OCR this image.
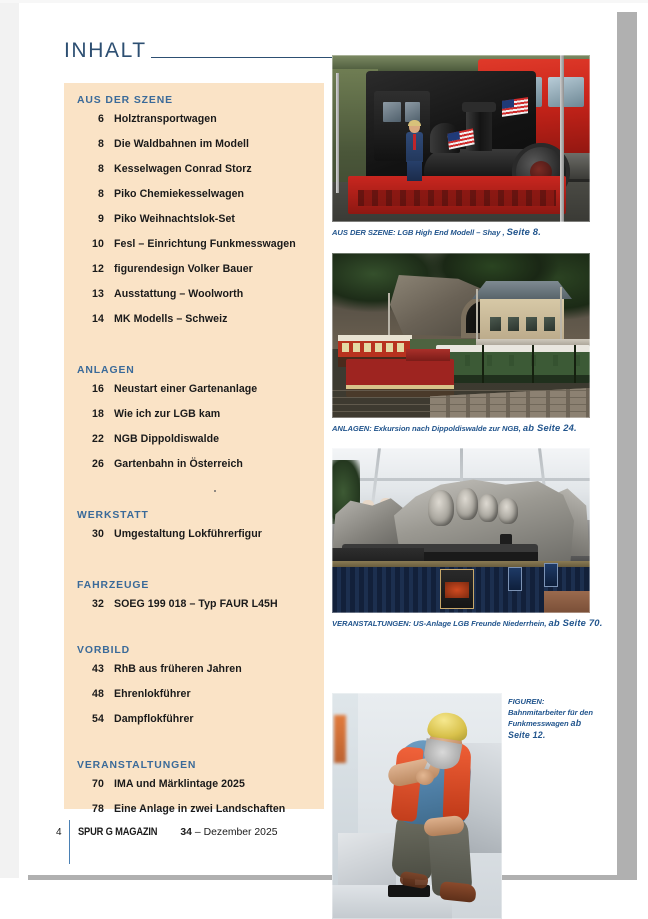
INHALT
AUS DER SZENE
6 Holztransportwagen
8 Die Waldbahnen im Modell
8 Kesselwagen Conrad Storz
8 Piko Chemiekesselwagen
9 Piko Weihnachtslok-Set
10 Fesl – Einrichtung Funkmesswagen
12 figurendesign Volker Bauer
13 Ausstattung – Woolworth
14 MK Modells – Schweiz
ANLAGEN
16 Neustart einer Gartenanlage
18 Wie ich zur LGB kam
22 NGB Dippoldiswalde
26 Gartenbahn in Österreich
WERKSTATT
30 Umgestaltung Lokführerfigur
FAHRZEUGE
32 SOEG 199 018 – Typ FAUR L45H
VORBILD
43 RhB aus früheren Jahren
48 Ehrenlokführer
54 Dampflokführer
VERANSTALTUNGEN
70 IMA und Märklintage 2025
78 Eine Anlage in zwei Landschaften
4	SPUR G MAGAZIN	34 – Dezember 2025
AUS DER SZENE: LGB High End Modell – Shay , Seite 8.
ANLAGEN: Exkursion nach Dippoldiswalde zur NGB, ab Seite 24.
VERANSTALTUNGEN: US-Anlage LGB Freunde Niederrhein, ab Seite 70.
FIGUREN:
Bahnmitarbeiter für den Funkmesswagen ab Seite 12.
